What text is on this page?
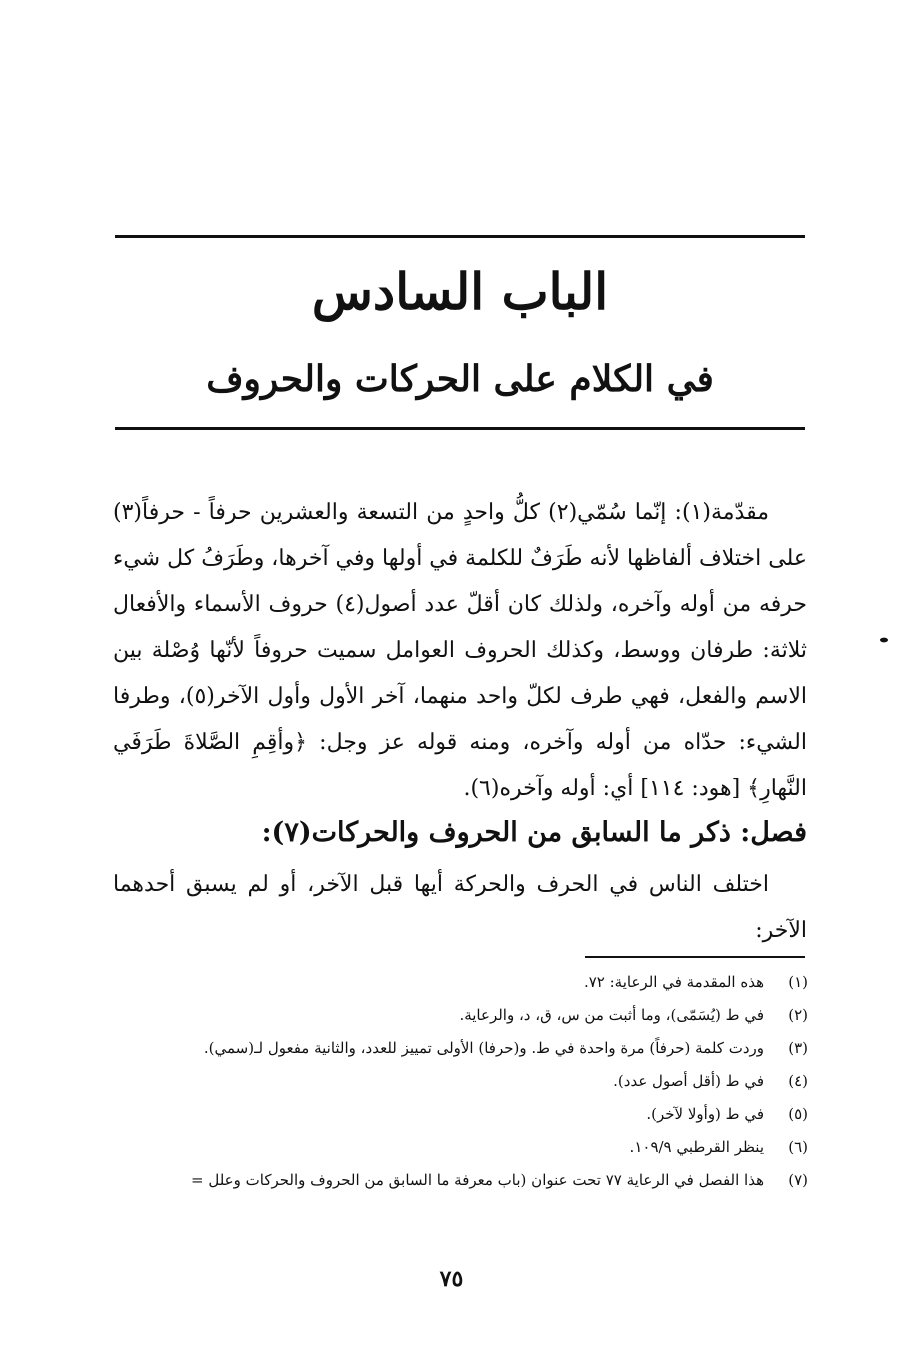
الباب السادس
في الكلام على الحركات والحروف

مقدّمة(١): إنّما سُمّي(٢) كلُّ واحدٍ من التسعة والعشرين حرفاً - حرفاً(٣) على اختلاف ألفاظها لأنه طَرَفٌ للكلمة في أولها وفي آخرها، وطَرَفُ كل شيء حرفه من أوله وآخره، ولذلك كان أقلّ عدد أصول(٤) حروف الأسماء والأفعال ثلاثة: طرفان ووسط، وكذلك الحروف العوامل سميت حروفاً لأنّها وُصْلة بين الاسم والفعل، فهي طرف لكلّ واحد منهما، آخر الأول وأول الآخر(٥)، وطرفا الشيء: حدّاه من أوله وآخره، ومنه قوله عز وجل: ﴿وأقِمِ الصَّلاةَ طَرَفَي النَّهارِ﴾ [هود: ١١٤] أي: أوله وآخره(٦).

فصل: ذكر ما السابق من الحروف والحركات(٧):
اختلف الناس في الحرف والحركة أيها قبل الآخر، أو لم يسبق أحدهما الآخر:
(١)
هذه المقدمة في الرعاية: ٧٢.
(٢)
في ط (يُسَمّى)، وما أثبت من س، ق، د، والرعاية.
(٣)
وردت كلمة (حرفاً) مرة واحدة في ط. و(حرفا) الأولى تمييز للعدد، والثانية مفعول لـ(سمي).
(٤)
في ط (أقل أصول عدد).
(٥)
في ط (وأولا لآخر).
(٦)
ينظر القرطبي ١٠٩/٩.
(٧)
هذا الفصل في الرعاية ٧٧ تحت عنوان (باب معرفة ما السابق من الحروف والحركات وعلل =
٧٥
